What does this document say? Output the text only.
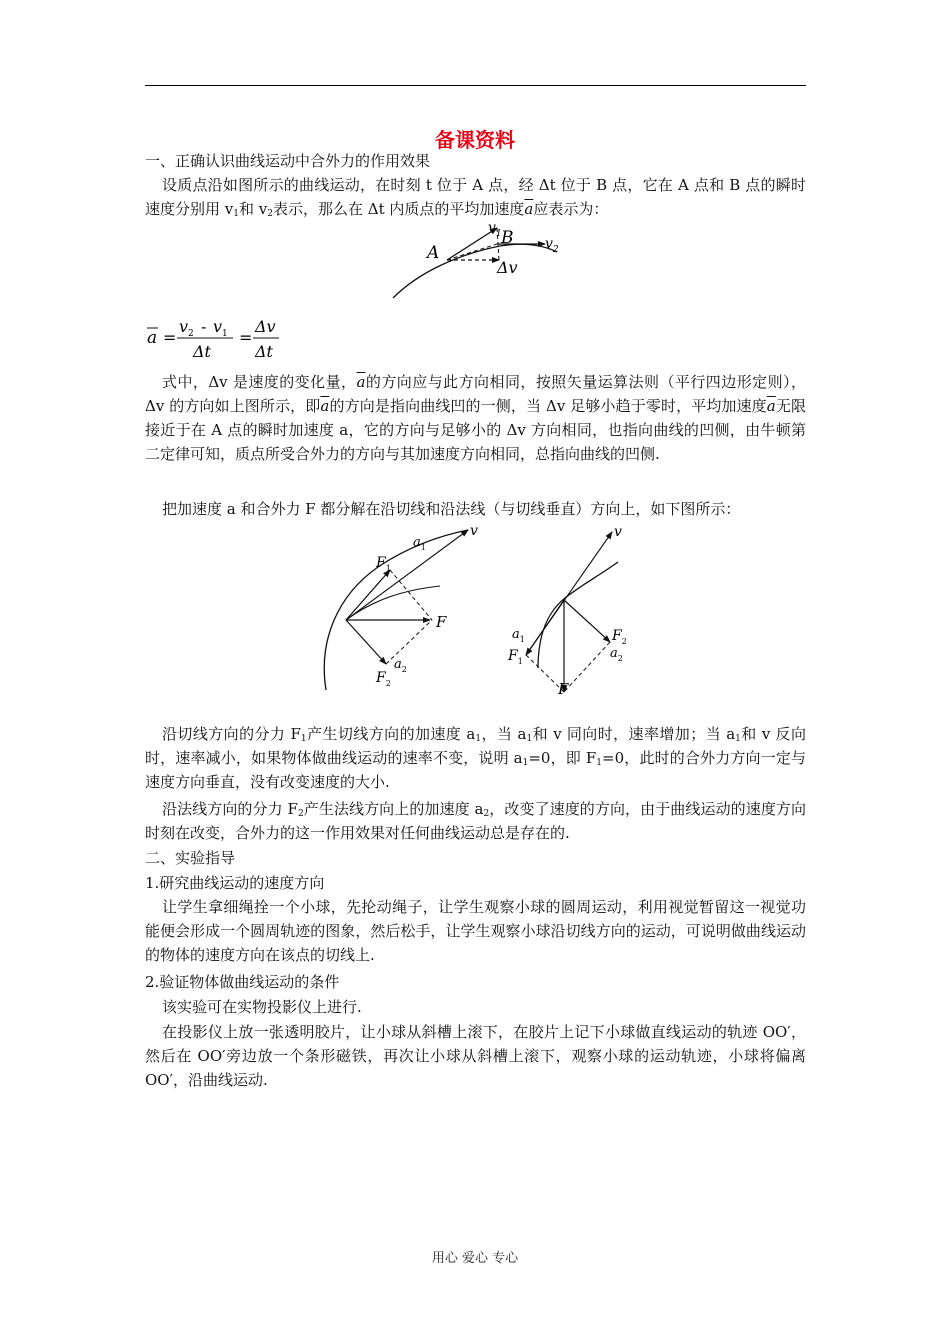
备课资料
一、正确认识曲线运动中合外力的作用效果
设质点沿如图所示的曲线运动，在时刻 t 位于 A 点，经 Δt 位于 B 点，它在 A 点和 B 点的瞬时速度分别用 $v_1$和 $v_2$表示，那么在 Δt 内质点的平均加速度$\overline{a}$应表示为：
A
B
$v_1$
$v_2$
Δv
a =
$v_2 - v_1$
Δt
=
Δv
Δt
式中，Δv 是速度的变化量，$\overline{a}$的方向应与此方向相同，按照矢量运算法则（平行四边形定则），Δv 的方向如上图所示，即$\overline{a}$的方向是指向曲线凹的一侧，当 Δv 足够小趋于零时，平均加速度$\overline{a}$无限接近于在 A 点的瞬时加速度 a，它的方向与足够小的 Δv 方向相同，也指向曲线的凹侧，由牛顿第二定律可知，质点所受合外力的方向与其加速度方向相同，总指向曲线的凹侧.
把加速度 a 和合外力 F 都分解在沿切线和沿法线（与切线垂直）方向上，如下图所示：
v
$a_1$
$F_1$
F
$a_2$
$F_2$
v
$a_1$
$F_1$
$F_2$
$a_2$
F
沿切线方向的分力 $F_1$产生切线方向的加速度 $a_1$，当 $a_1$和 v 同向时，速率增加；当 $a_1$和 v 反向时，速率减小，如果物体做曲线运动的速率不变，说明 $a_1=0$，即 $F_1=0$，此时的合外力方向一定与速度方向垂直，没有改变速度的大小.
沿法线方向的分力 $F_2$产生法线方向上的加速度 $a_2$，改变了速度的方向，由于曲线运动的速度方向时刻在改变，合外力的这一作用效果对任何曲线运动总是存在的.
二、实验指导
1.研究曲线运动的速度方向
让学生拿细绳拴一个小球，先抡动绳子，让学生观察小球的圆周运动，利用视觉暂留这一视觉功能便会形成一个圆周轨迹的图象，然后松手，让学生观察小球沿切线方向的运动，可说明做曲线运动的物体的速度方向在该点的切线上.
2.验证物体做曲线运动的条件
该实验可在实物投影仪上进行.
在投影仪上放一张透明胶片，让小球从斜槽上滚下，在胶片上记下小球做直线运动的轨迹 OO′，然后在 OO′旁边放一个条形磁铁，再次让小球从斜槽上滚下，观察小球的运动轨迹，小球将偏离 OO′，沿曲线运动.
用心 爱心 专心
